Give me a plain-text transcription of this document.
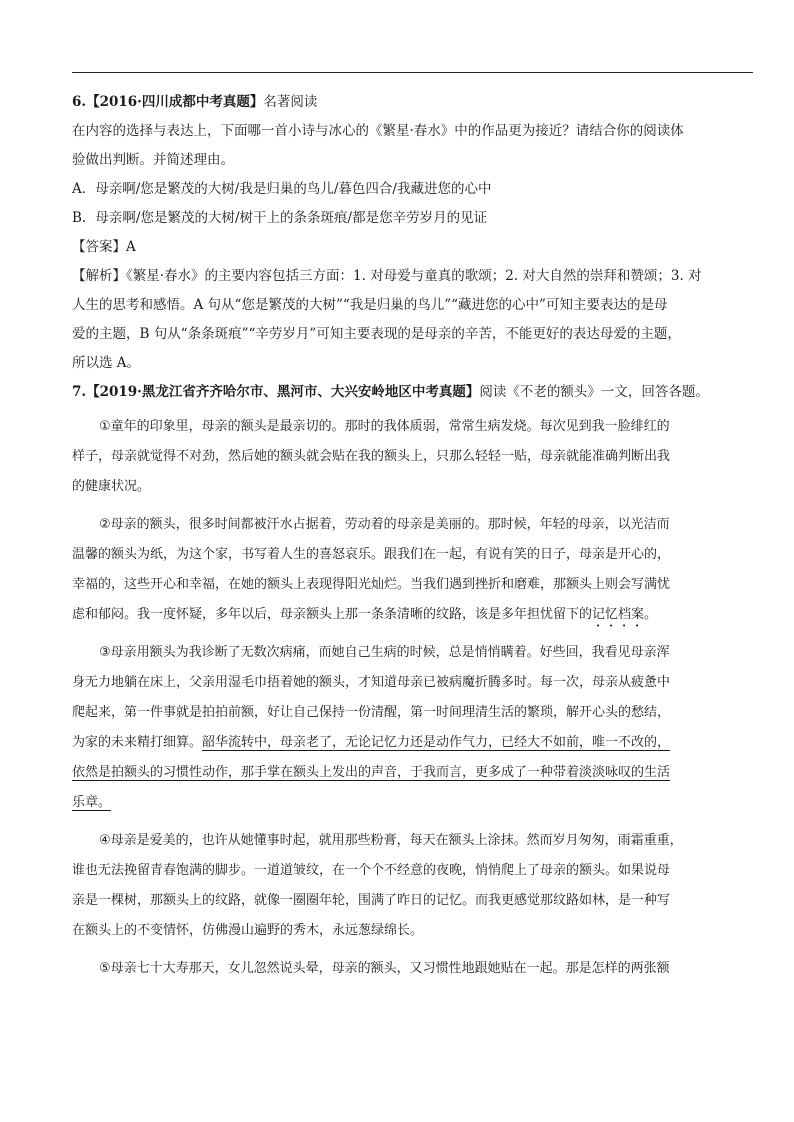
6.【2016·四川成都中考真题】名著阅读
在内容的选择与表达上，下面哪一首小诗与冰心的《繁星·春水》中的作品更为接近？请结合你的阅读体
验做出判断。并简述理由。
A．母亲啊/您是繁茂的大树/我是归巢的鸟儿/暮色四合/我藏进您的心中
B．母亲啊/您是繁茂的大树/树干上的条条斑痕/都是您辛劳岁月的见证
【答案】A
【解析】《繁星·春水》的主要内容包括三方面：1. 对母爱与童真的歌颂；2. 对大自然的崇拜和赞颂；3. 对
人生的思考和感悟。A 句从“您是繁茂的大树”“我是归巢的鸟儿”“藏进您的心中”可知主要表达的是母
爱的主题，B 句从“条条斑痕”“辛劳岁月”可知主要表现的是母亲的辛苦，不能更好的表达母爱的主题，
所以选 A。
7.【2019·黑龙江省齐齐哈尔市、黑河市、大兴安岭地区中考真题】阅读《不老的额头》一文，回答各题。
①童年的印象里，母亲的额头是最亲切的。那时的我体质弱，常常生病发烧。每次见到我一脸绯红的
样子，母亲就觉得不对劲，然后她的额头就会贴在我的额头上，只那么轻轻一贴，母亲就能准确判断出我
的健康状况。
②母亲的额头，很多时间都被汗水占据着，劳动着的母亲是美丽的。那时候，年轻的母亲，以光洁而
温馨的额头为纸，为这个家，书写着人生的喜怒哀乐。跟我们在一起，有说有笑的日子，母亲是开心的，
幸福的，这些开心和幸福，在她的额头上表现得阳光灿烂。当我们遇到挫折和磨难，那额头上则会写满忧
虑和郁闷。我一度怀疑，多年以后，母亲额头上那一条条清晰的纹路，该是多年担忧留下的记忆档案。
③母亲用额头为我诊断了无数次病痛，而她自己生病的时候，总是悄悄瞒着。好些回，我看见母亲浑
身无力地躺在床上，父亲用湿毛巾捂着她的额头，才知道母亲已被病魔折腾多时。每一次，母亲从疲惫中
爬起来，第一件事就是拍拍前额，好让自己保持一份清醒，第一时间理清生活的繁琐，解开心头的愁结，
为家的未来精打细算。韶华流转中，母亲老了，无论记忆力还是动作气力，已经大不如前，唯一不改的，
依然是拍额头的习惯性动作，那手掌在额头上发出的声音，于我而言，更多成了一种带着淡淡咏叹的生活
乐章。
④母亲是爱美的，也许从她懂事时起，就用那些粉膏，每天在额头上涂抹。然而岁月匆匆，雨霜重重，
谁也无法挽留青春饱满的脚步。一道道皱纹，在一个个不经意的夜晚，悄悄爬上了母亲的额头。如果说母
亲是一棵树，那额头上的纹路，就像一圈圈年轮，围满了昨日的记忆。而我更感觉那纹路如林，是一种写
在额头上的不变情怀，仿佛漫山遍野的秀木，永远葱绿绵长。
⑤母亲七十大寿那天，女儿忽然说头晕，母亲的额头，又习惯性地跟她贴在一起。那是怎样的两张额
